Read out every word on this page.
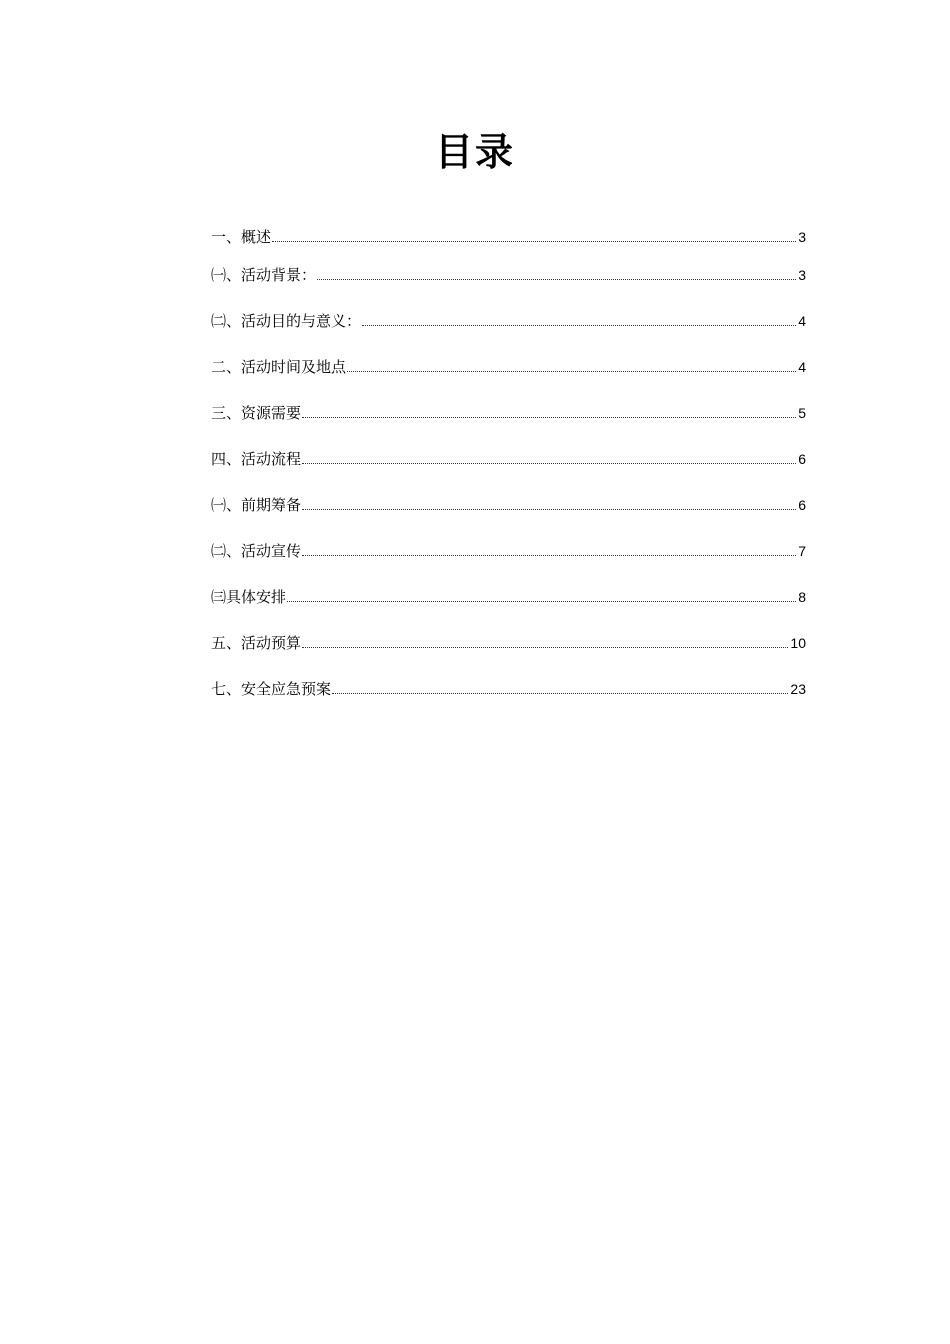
目录
一、概述	3
㈠、活动背景：	3
㈡、活动目的与意义：	4
二、活动时间及地点	4
三、资源需要	5
四、活动流程	6
㈠、前期筹备	6
㈡、活动宣传	7
㈢具体安排	8
五、活动预算	10
七、安全应急预案	23
